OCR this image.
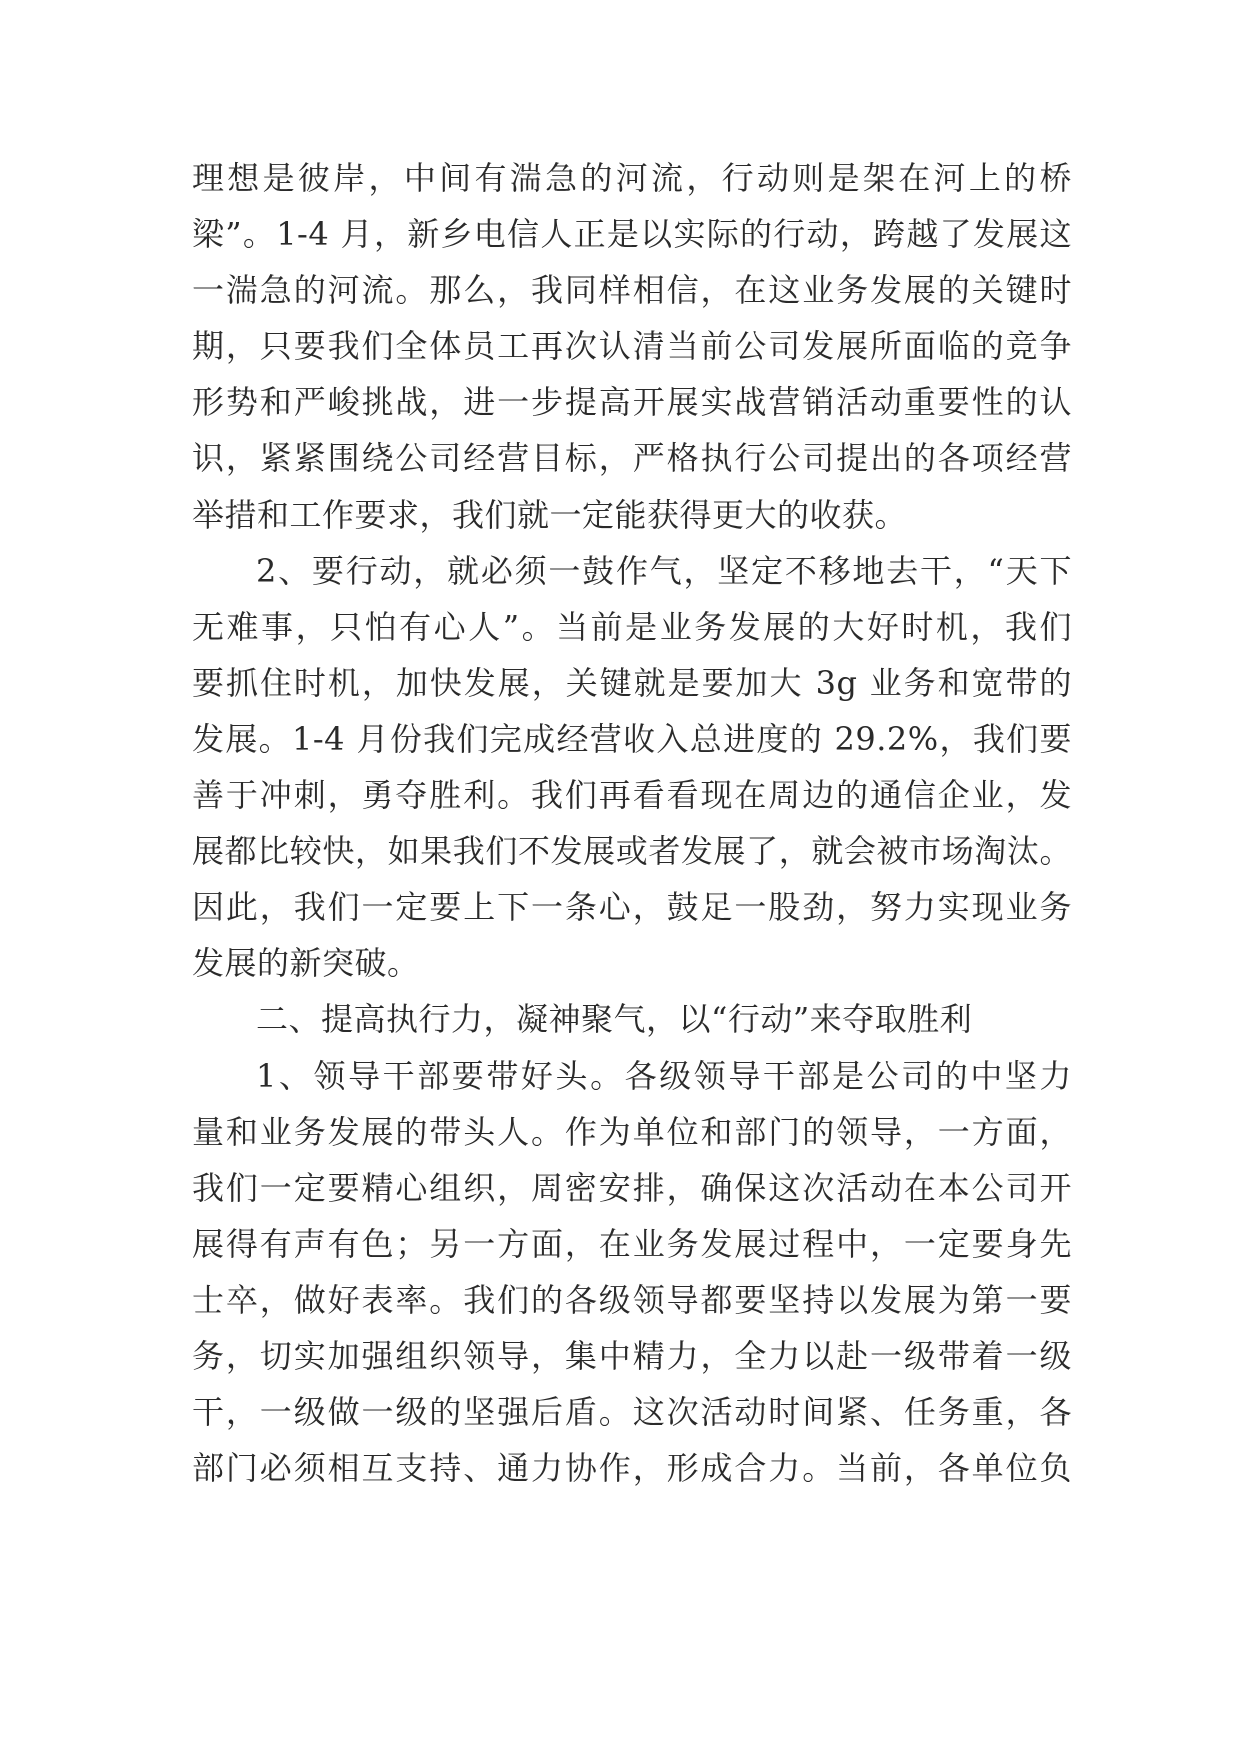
理想是彼岸，中间有湍急的河流，行动则是架在河上的桥
梁”。1-4 月，新乡电信人正是以实际的行动，跨越了发展这
一湍急的河流。那么，我同样相信，在这业务发展的关键时
期，只要我们全体员工再次认清当前公司发展所面临的竞争
形势和严峻挑战，进一步提高开展实战营销活动重要性的认
识，紧紧围绕公司经营目标，严格执行公司提出的各项经营
举措和工作要求，我们就一定能获得更大的收获。
2、要行动，就必须一鼓作气，坚定不移地去干，“天下
无难事，只怕有心人”。当前是业务发展的大好时机，我们
要抓住时机，加快发展，关键就是要加大 3g 业务和宽带的
发展。1-4 月份我们完成经营收入总进度的 29.2%，我们要
善于冲刺，勇夺胜利。我们再看看现在周边的通信企业，发
展都比较快，如果我们不发展或者发展了，就会被市场淘汰。
因此，我们一定要上下一条心，鼓足一股劲，努力实现业务
发展的新突破。
二、提高执行力，凝神聚气，以“行动”来夺取胜利
1、领导干部要带好头。各级领导干部是公司的中坚力
量和业务发展的带头人。作为单位和部门的领导，一方面，
我们一定要精心组织，周密安排，确保这次活动在本公司开
展得有声有色；另一方面，在业务发展过程中，一定要身先
士卒，做好表率。我们的各级领导都要坚持以发展为第一要
务，切实加强组织领导，集中精力，全力以赴一级带着一级
干，一级做一级的坚强后盾。这次活动时间紧、任务重，各
部门必须相互支持、通力协作，形成合力。当前，各单位负
